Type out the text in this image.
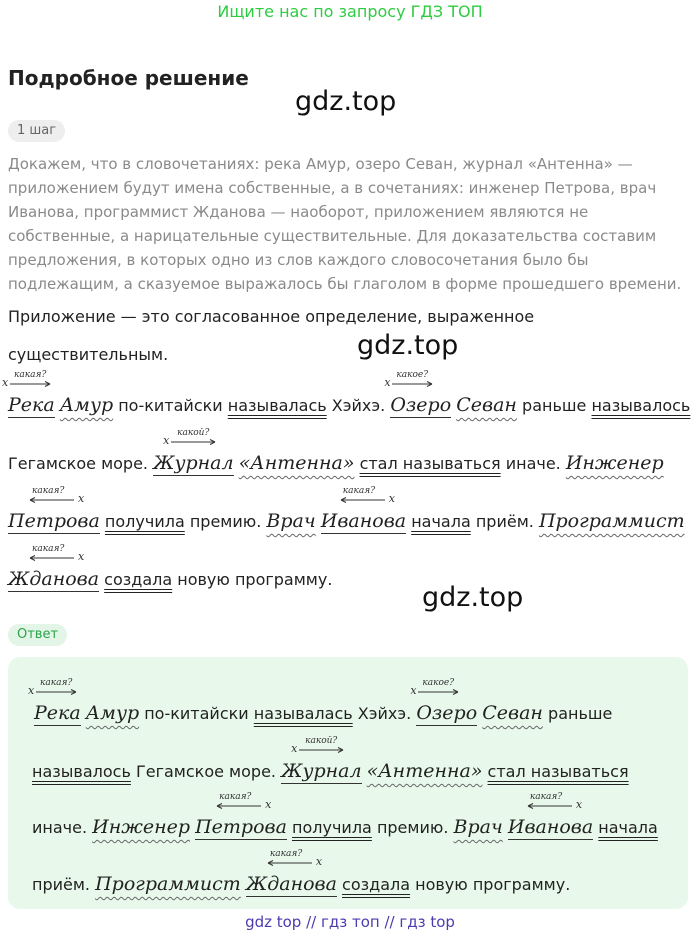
Ищите нас по запросу ГДЗ ТОП
Подробное решение
gdz.top
gdz.top
gdz.top
1 шаг
Докажем, что в словочетаниях: река Амур, озеро Севан, журнал «Антенна» — приложением будут имена собственные, а в сочетаниях: инженер Петрова, врач Иванова, программист Жданова — наоборот, приложением являются не собственные, а нарицательные существительные. Для доказательства составим предложения, в которых одно из слов каждого словосочетания было бы подлежащим, а сказуемое выражалось бы глаголом в форме прошедшего времени.
Приложение — это согласованное определение, выраженное существительным.
Река
x
какая?
Амур по-китайски называлась Хэйхэ. Озеро
x
какое?
Севан раньше называлось
Гегамское море. Журнал
x
какой?
«Антенна» стал называться иначе. Инженер
Петрова
какая?
x
получила премию. Врач Иванова
какая?
x
начала приём. Программист
Жданова
какая?
x
создала новую программу.
Ответ
Река
x
какая?
Амур по-китайски называлась Хэйхэ. Озеро
x
какое?
Севан раньше
называлось Гегамское море. Журнал
x
какой?
«Антенна» стал называться
иначе. Инженер Петрова
какая?
x
получила премию. Врач Иванова
какая?
x
начала
приём. Программист Жданова
какая?
x
создала новую программу.
gdz top // гдз топ // гдз top
